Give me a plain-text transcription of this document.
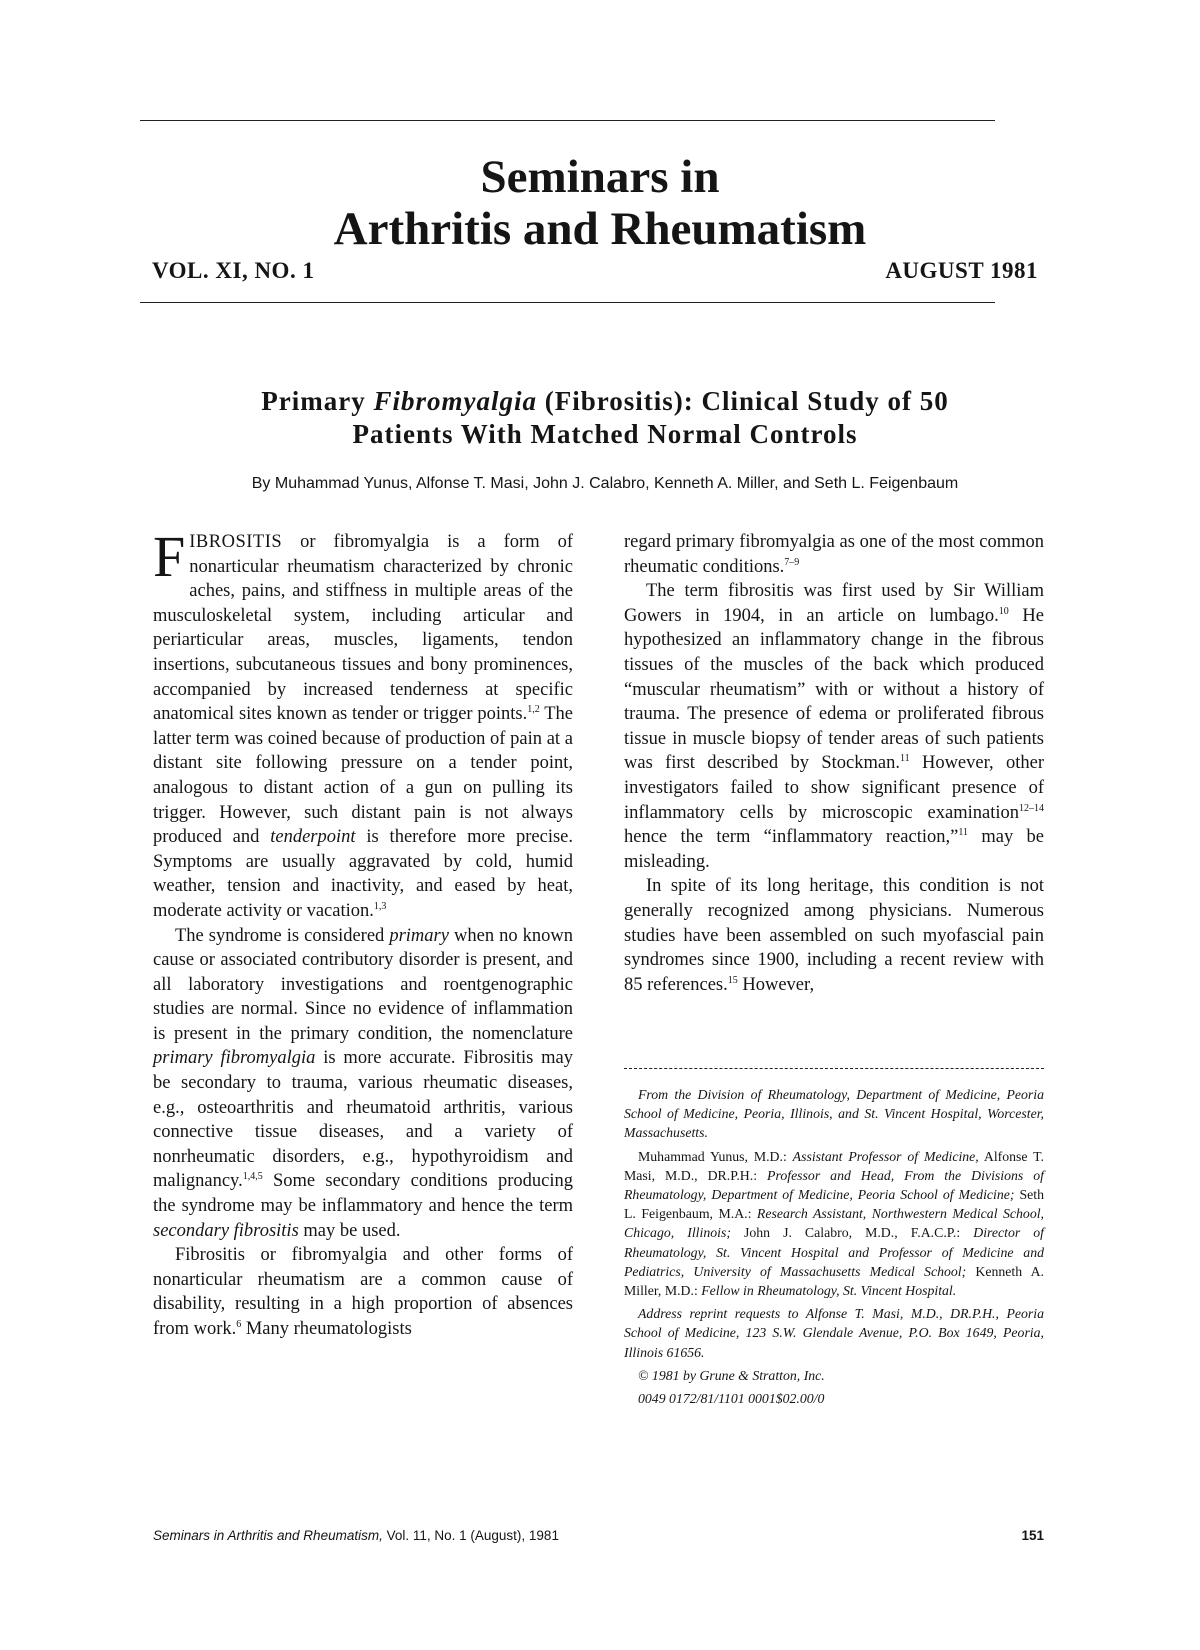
Seminars in
Arthritis and Rheumatism
VOL. XI, NO. 1	AUGUST 1981
Primary Fibromyalgia (Fibrositis): Clinical Study of 50
Patients With Matched Normal Controls
By Muhammad Yunus, Alfonse T. Masi, John J. Calabro, Kenneth A. Miller, and Seth L. Feigenbaum

FIBROSITIS or fibromyalgia is a form of nonarticular rheumatism characterized by chronic aches, pains, and stiffness in multiple areas of the musculoskeletal system, including articular and periarticular areas, muscles, ligaments, tendon insertions, subcutaneous tissues and bony prominences, accompanied by increased tenderness at specific anatomical sites known as tender or trigger points.$^{1,2}$ The latter term was coined because of production of pain at a distant site following pressure on a tender point, analogous to distant action of a gun on pulling its trigger. However, such distant pain is not always produced and tenderpoint is therefore more precise. Symptoms are usually aggravated by cold, humid weather, tension and inactivity, and eased by heat, moderate activity or vacation.$^{1,3}$

The syndrome is considered primary when no known cause or associated contributory disorder is present, and all laboratory investigations and roentgenographic studies are normal. Since no evidence of inflammation is present in the primary condition, the nomenclature primary fibromyalgia is more accurate. Fibrositis may be secondary to trauma, various rheumatic diseases, e.g., osteoarthritis and rheumatoid arthritis, various connective tissue diseases, and a variety of nonrheumatic disorders, e.g., hypothyroidism and malignancy.$^{1,4,5}$ Some secondary conditions producing the syndrome may be inflammatory and hence the term secondary fibrositis may be used.

Fibrositis or fibromyalgia and other forms of nonarticular rheumatism are a common cause of disability, resulting in a high proportion of absences from work.$^6$ Many rheumatologists

regard primary fibromyalgia as one of the most common rheumatic conditions.$^{7-9}$

The term fibrositis was first used by Sir William Gowers in 1904, in an article on lumbago.$^{10}$ He hypothesized an inflammatory change in the fibrous tissues of the muscles of the back which produced “muscular rheumatism” with or without a history of trauma. The presence of edema or proliferated fibrous tissue in muscle biopsy of tender areas of such patients was first described by Stockman.$^{11}$ However, other investigators failed to show significant presence of inflammatory cells by microscopic examination$^{12-14}$ hence the term “inflammatory reaction,”$^{11}$ may be misleading.

In spite of its long heritage, this condition is not generally recognized among physicians. Numerous studies have been assembled on such myofascial pain syndromes since 1900, including a recent review with 85 references.$^{15}$ However,

From the Division of Rheumatology, Department of Medicine, Peoria School of Medicine, Peoria, Illinois, and St. Vincent Hospital, Worcester, Massachusetts.

Muhammad Yunus, M.D.: Assistant Professor of Medicine, Alfonse T. Masi, M.D., DR.P.H.: Professor and Head, From the Divisions of Rheumatology, Department of Medicine, Peoria School of Medicine; Seth L. Feigenbaum, M.A.: Research Assistant, Northwestern Medical School, Chicago, Illinois; John J. Calabro, M.D., F.A.C.P.: Director of Rheumatology, St. Vincent Hospital and Professor of Medicine and Pediatrics, University of Massachusetts Medical School; Kenneth A. Miller, M.D.: Fellow in Rheumatology, St. Vincent Hospital.

Address reprint requests to Alfonse T. Masi, M.D., DR.P.H., Peoria School of Medicine, 123 S.W. Glendale Avenue, P.O. Box 1649, Peoria, Illinois 61656.

© 1981 by Grune & Stratton, Inc.

0049 0172/81/1101 0001$02.00/0

Seminars in Arthritis and Rheumatism, Vol. 11, No. 1 (August), 1981	151
